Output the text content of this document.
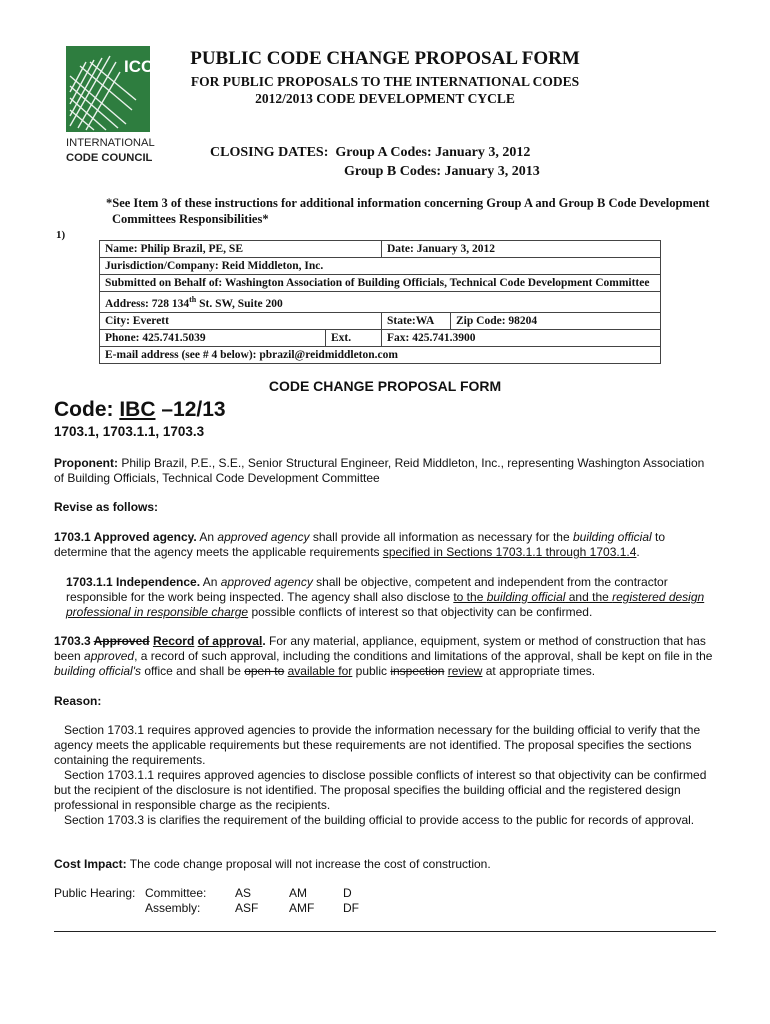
ICC
INTERNATIONAL
CODE COUNCIL
PUBLIC CODE CHANGE PROPOSAL FORM
FOR PUBLIC PROPOSALS TO THE INTERNATIONAL CODES
2012/2013 CODE DEVELOPMENT CYCLE
CLOSING DATES: Group A Codes: January 3, 2012
Group B Codes: January 3, 2013
*See Item 3 of these instructions for additional information concerning Group A and Group B Code Development Committees Responsibilities*
1)
Name: Philip Brazil, PE, SE	Date: January 3, 2012
Jurisdiction/Company: Reid Middleton, Inc.
Submitted on Behalf of: Washington Association of Building Officials, Technical Code Development Committee
Address: 728 134th St. SW, Suite 200
City: Everett	State:WA	Zip Code: 98204
Phone: 425.741.5039	Ext.	Fax: 425.741.3900
E-mail address (see # 4 below): pbrazil@reidmiddleton.com
CODE CHANGE PROPOSAL FORM
Code: IBC –12/13
1703.1, 1703.1.1, 1703.3
Proponent: Philip Brazil, P.E., S.E., Senior Structural Engineer, Reid Middleton, Inc., representing Washington Association of Building Officials, Technical Code Development Committee
Revise as follows:
1703.1 Approved agency. An approved agency shall provide all information as necessary for the building official to determine that the agency meets the applicable requirements specified in Sections 1703.1.1 through 1703.1.4.
1703.1.1 Independence. An approved agency shall be objective, competent and independent from the contractor responsible for the work being inspected. The agency shall also disclose to the building official and the registered design professional in responsible charge possible conflicts of interest so that objectivity can be confirmed.
1703.3 Approved Record of approval. For any material, appliance, equipment, system or method of construction that has been approved, a record of such approval, including the conditions and limitations of the approval, shall be kept on file in the building official's office and shall be open to available for public inspection review at appropriate times.
Reason:
Section 1703.1 requires approved agencies to provide the information necessary for the building official to verify that the agency meets the applicable requirements but these requirements are not identified. The proposal specifies the sections containing the requirements.
Section 1703.1.1 requires approved agencies to disclose possible conflicts of interest so that objectivity can be confirmed but the recipient of the disclosure is not identified. The proposal specifies the building official and the registered design professional in responsible charge as the recipients.
Section 1703.3 is clarifies the requirement of the building official to provide access to the public for records of approval.
Cost Impact: The code change proposal will not increase the cost of construction.
Public Hearing:	Committee:	AS	AM	D
	Assembly:	ASF	AMF	DF
